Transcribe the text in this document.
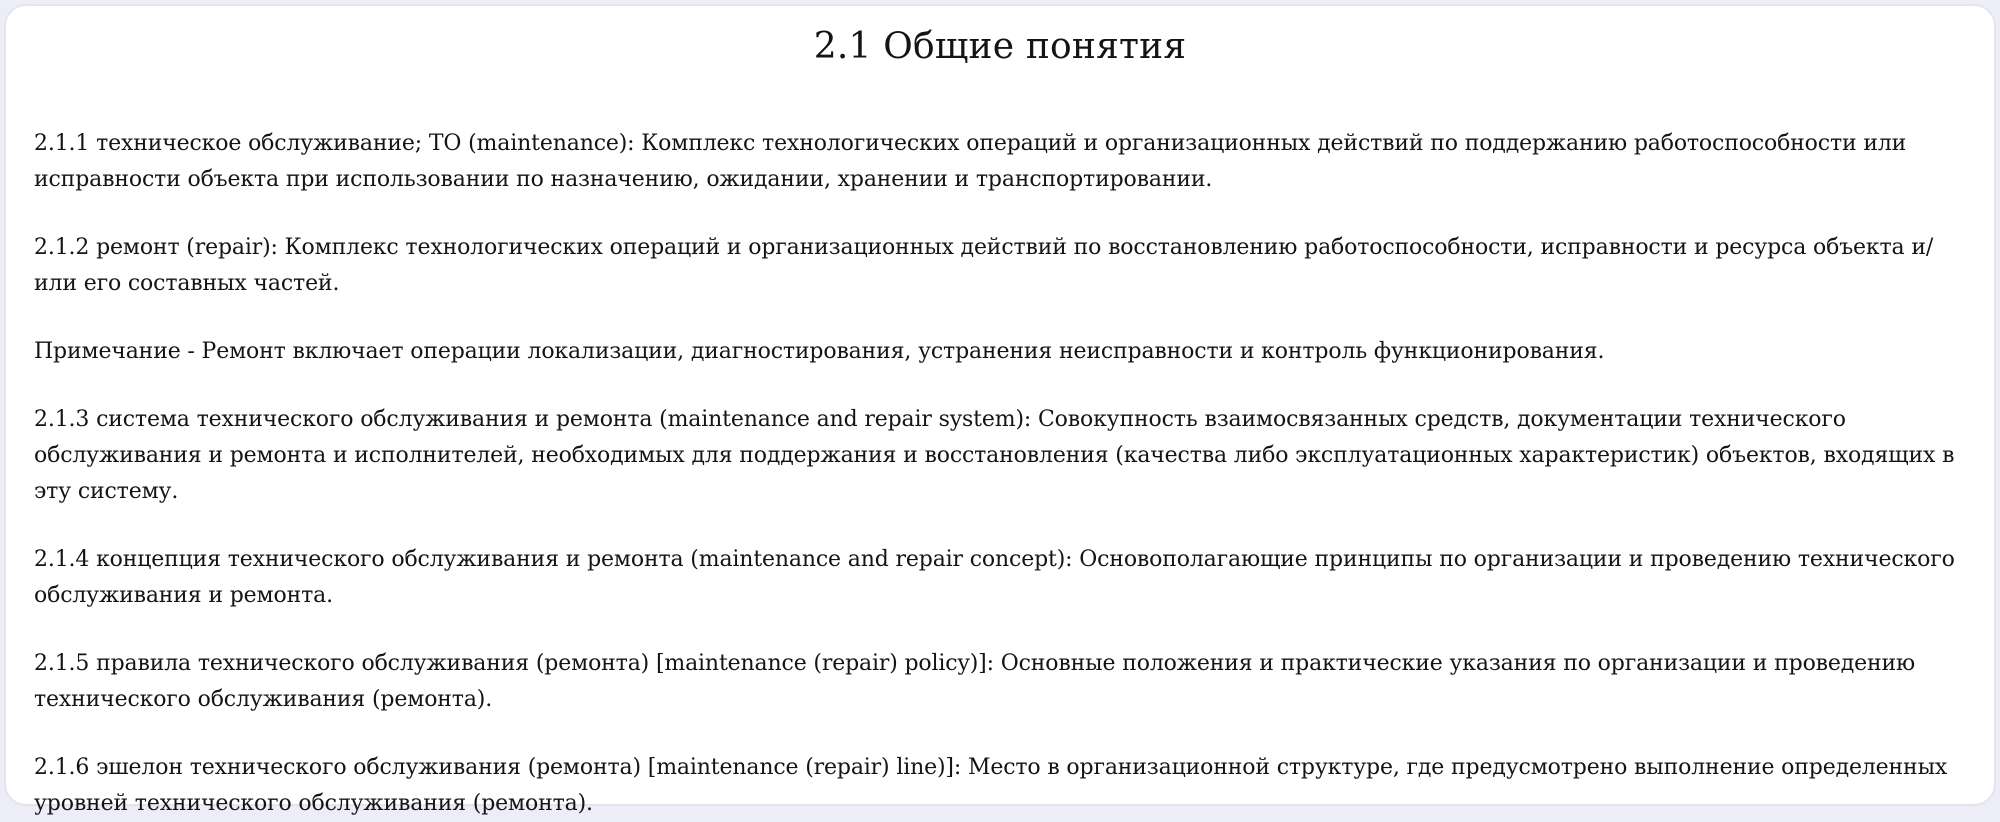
2.1 Общие понятия

2.1.1 техническое обслуживание; ТО (maintenance): Комплекс технологических операций и организационных действий по поддержанию работоспособности или исправности объекта при использовании по назначению, ожидании, хранении и транспортировании.

2.1.2 ремонт (repair): Комплекс технологических операций и организационных действий по восстановлению работоспособности, исправности и ресурса объекта и/или его составных частей.

Примечание - Ремонт включает операции локализации, диагностирования, устранения неисправности и контроль функционирования.

2.1.3 система технического обслуживания и ремонта (maintenance and repair system): Совокупность взаимосвязанных средств, документации технического обслуживания и ремонта и исполнителей, необходимых для поддержания и восстановления (качества либо эксплуатационных характеристик) объектов, входящих в эту систему.

2.1.4 концепция технического обслуживания и ремонта (maintenance and repair concept): Основополагающие принципы по организации и проведению технического обслуживания и ремонта.

2.1.5 правила технического обслуживания (ремонта) [maintenance (repair) policy)]: Основные положения и практические указания по организации и проведению технического обслуживания (ремонта).

2.1.6 эшелон технического обслуживания (ремонта) [maintenance (repair) line)]: Место в организационной структуре, где предусмотрено выполнение определенных уровней технического обслуживания (ремонта).
